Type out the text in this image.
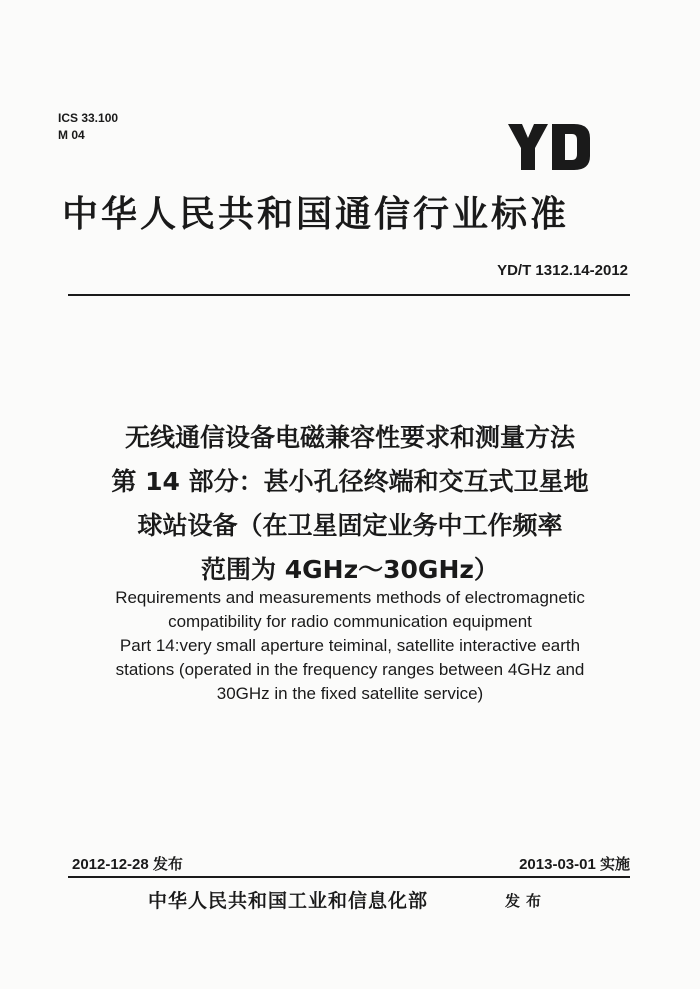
ICS 33.100
M 04
中华人民共和国通信行业标准
YD/T 1312.14-2012
无线通信设备电磁兼容性要求和测量方法
第 14 部分：甚小孔径终端和交互式卫星地
球站设备（在卫星固定业务中工作频率
范围为 4GHz～30GHz）
Requirements and measurements methods of electromagnetic
compatibility for radio communication equipment
Part 14:very small aperture teiminal, satellite interactive earth
stations (operated in the frequency ranges between 4GHz and
30GHz in the fixed satellite service)
2012-12-28 发布	2013-03-01 实施
中华人民共和国工业和信息化部	发布
